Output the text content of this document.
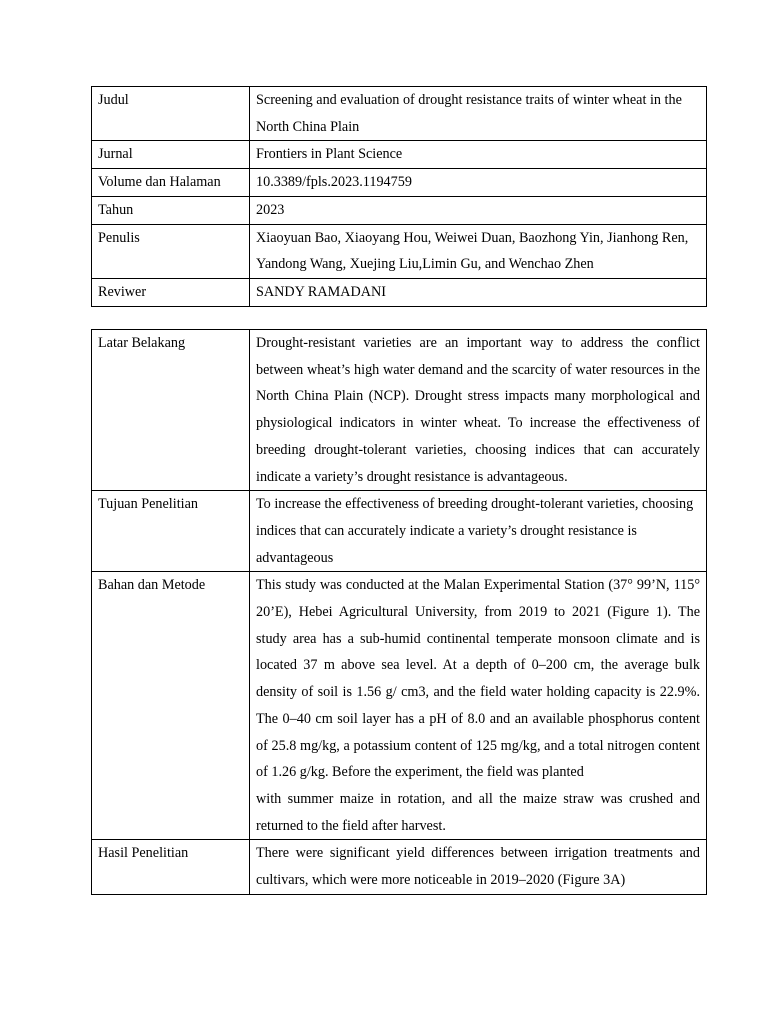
Judul	Screening and evaluation of drought resistance traits of winter wheat in the North China Plain
Jurnal	Frontiers in Plant Science
Volume dan Halaman	10.3389/fpls.2023.1194759
Tahun	2023
Penulis	Xiaoyuan Bao, Xiaoyang Hou, Weiwei Duan, Baozhong Yin, Jianhong Ren, Yandong Wang, Xuejing Liu,Limin Gu, and Wenchao Zhen
Reviwer	SANDY RAMADANI
Latar Belakang	Drought-resistant varieties are an important way to address the conflict between wheat’s high water demand and the scarcity of water resources in the North China Plain (NCP). Drought stress impacts many morphological and physiological indicators in winter wheat. To increase the effectiveness of breeding drought-tolerant varieties, choosing indices that can accurately indicate a variety’s drought resistance is advantageous.
Tujuan Penelitian	To increase the effectiveness of breeding drought-tolerant varieties, choosing indices that can accurately indicate a variety’s drought resistance is advantageous
Bahan dan Metode	This study was conducted at the Malan Experimental Station (37° 99’N, 115° 20’E), Hebei Agricultural University, from 2019 to 2021 (Figure 1). The study area has a sub-humid continental temperate monsoon climate and is located 37 m above sea level. At a depth of 0–200 cm, the average bulk density of soil is 1.56 g/ cm3, and the field water holding capacity is 22.9%. The 0–40 cm soil layer has a pH of 8.0 and an available phosphorus content of 25.8 mg/kg, a potassium content of 125 mg/kg, and a total nitrogen content of 1.26 g/kg. Before the experiment, the field was planted
with summer maize in rotation, and all the maize straw was crushed and returned to the field after harvest.

Hasil Penelitian	There were significant yield differences between irrigation treatments and cultivars, which were more noticeable in 2019–2020 (Figure 3A)
